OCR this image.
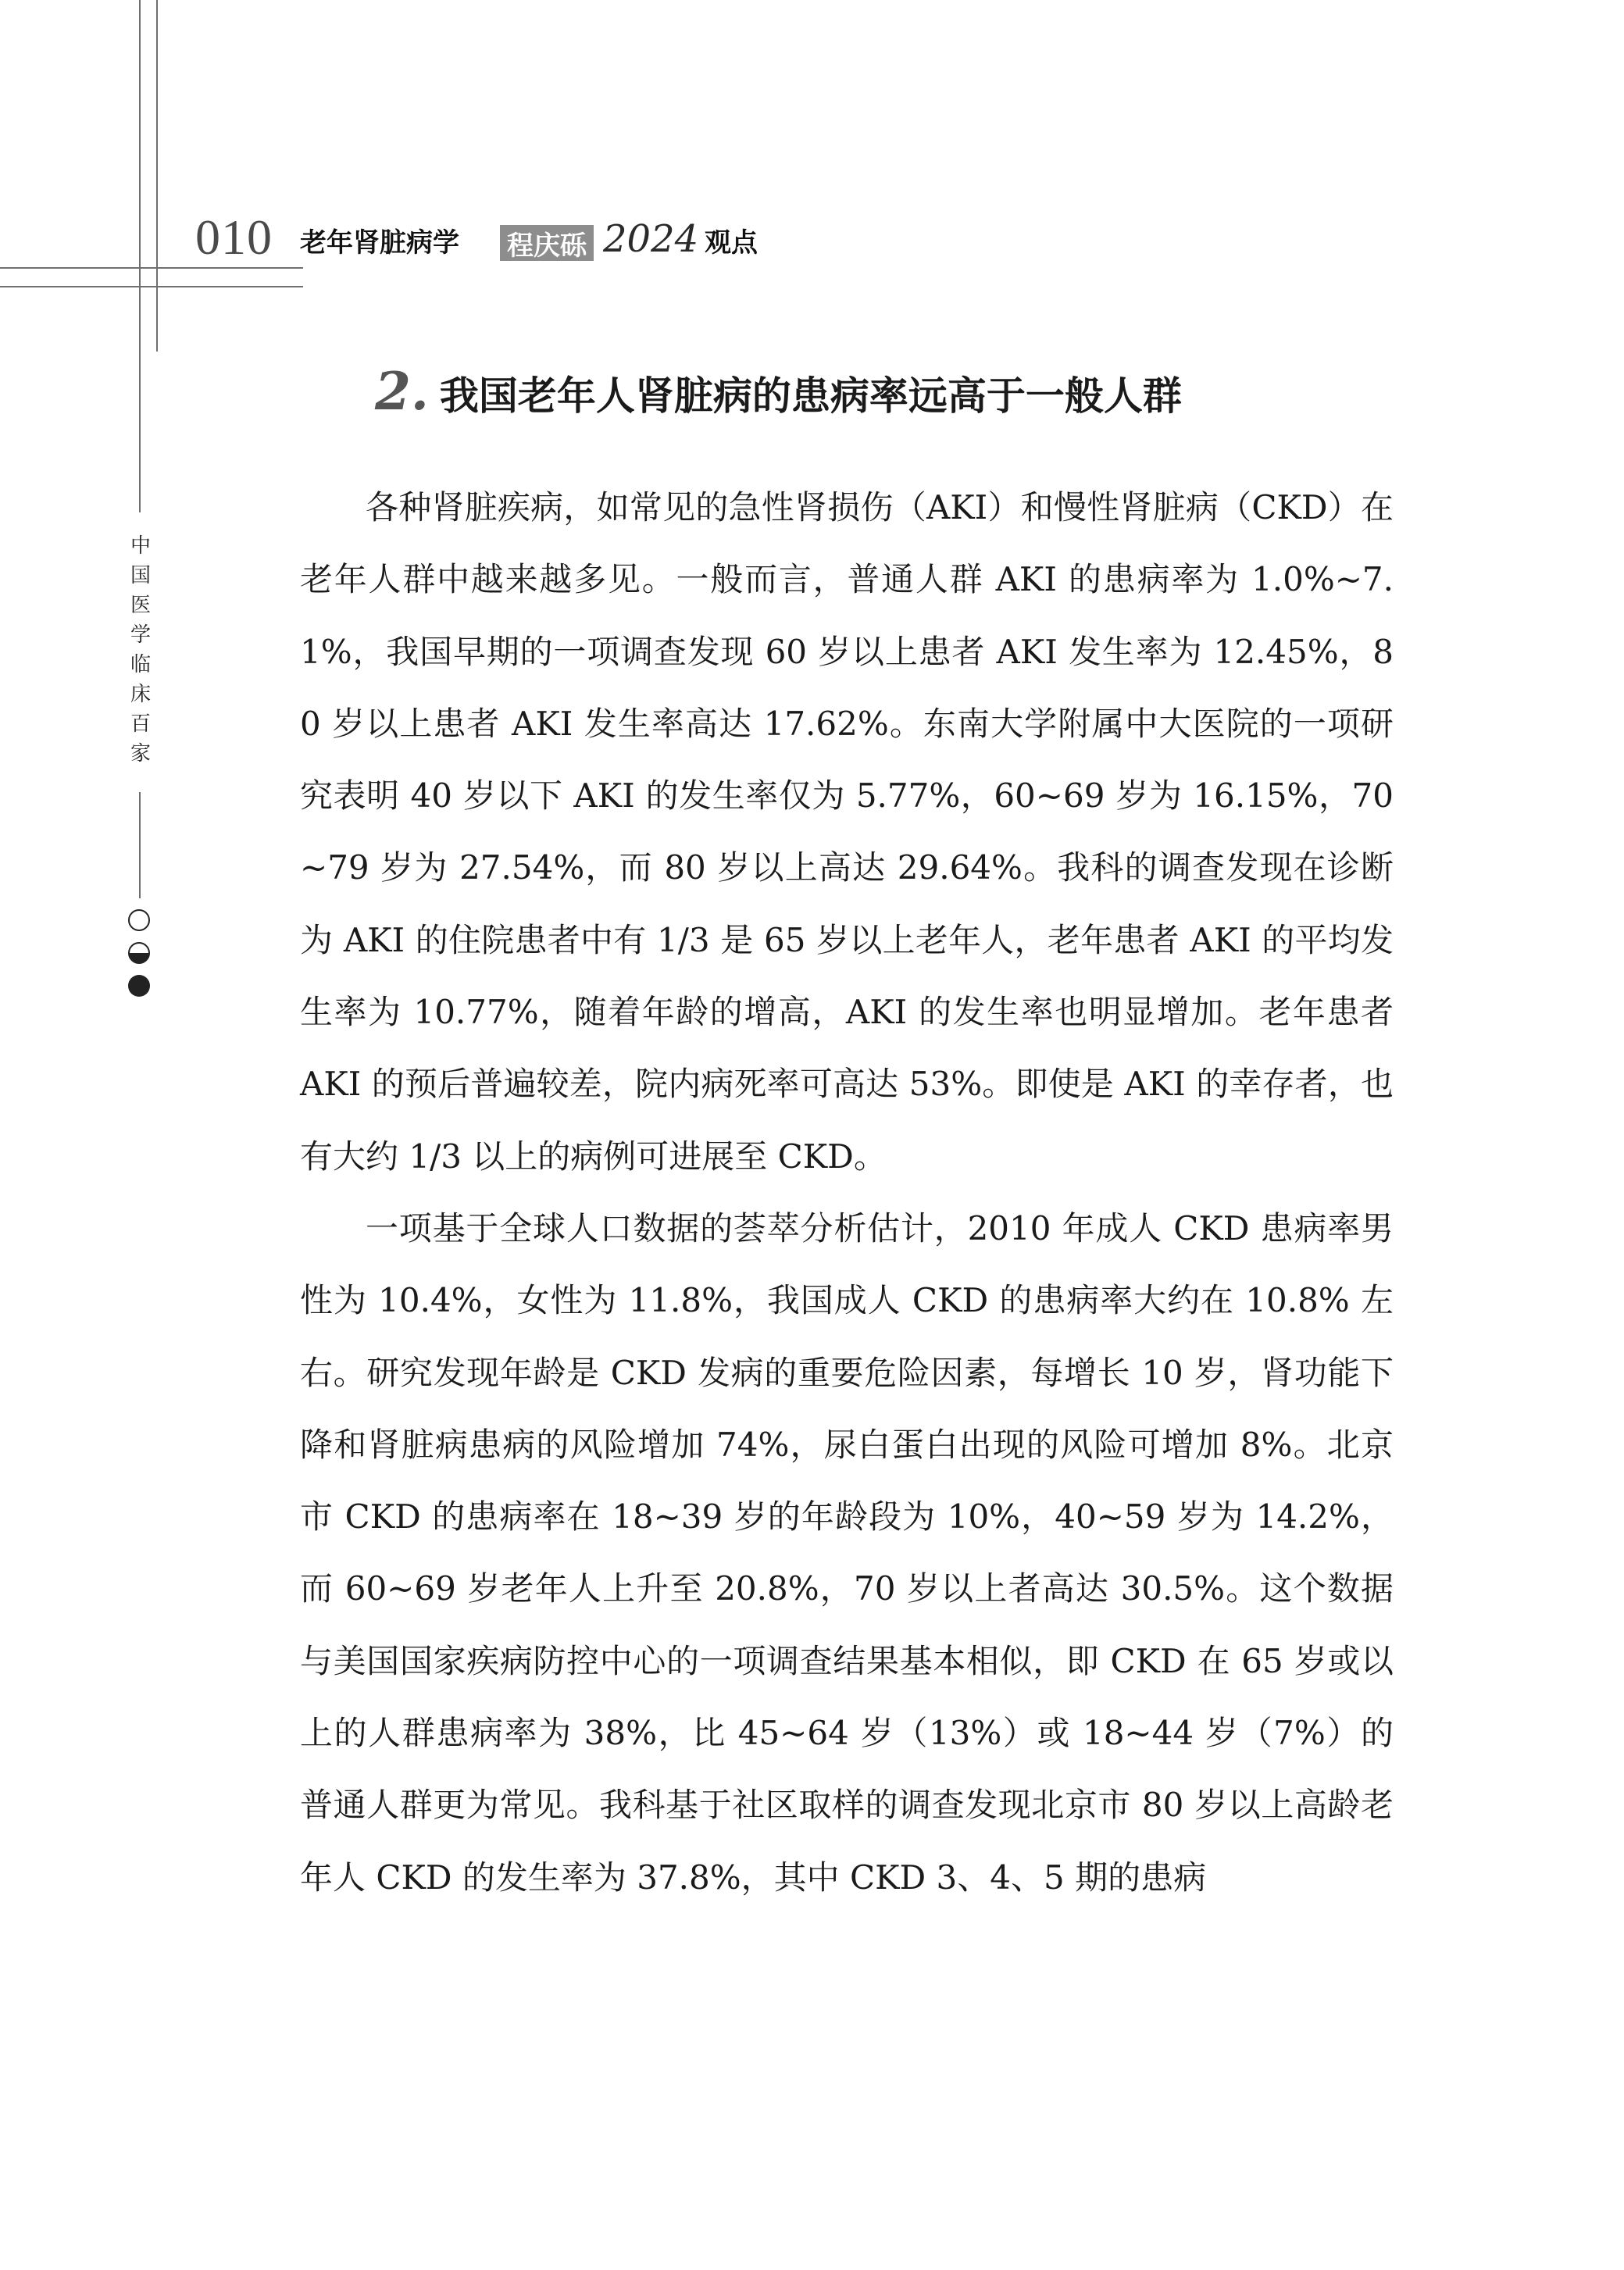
010 老年肾脏病学 程庆砾 2024 观点
中国医学临床百家
2. 我国老年人肾脏病的患病率远高于一般人群

各种肾脏疾病，如常见的急性肾损伤（AKI）和慢性肾脏病（CKD）在老年人群中越来越多见。一般而言，普通人群 AKI 的患病率为 1.0%~7.1%，我国早期的一项调查发现 60 岁以上患者 AKI 发生率为 12.45%，80 岁以上患者 AKI 发生率高达 17.62%。东南大学附属中大医院的一项研究表明 40 岁以下 AKI 的发生率仅为 5.77%，60~69 岁为 16.15%，70~79 岁为 27.54%，而 80 岁以上高达 29.64%。我科的调查发现在诊断为 AKI 的住院患者中有 1/3 是 65 岁以上老年人，老年患者 AKI 的平均发生率为 10.77%，随着年龄的增高，AKI 的发生率也明显增加。老年患者 AKI 的预后普遍较差，院内病死率可高达 53%。即使是 AKI 的幸存者，也有大约 1/3 以上的病例可进展至 CKD。

一项基于全球人口数据的荟萃分析估计，2010 年成人 CKD 患病率男性为 10.4%，女性为 11.8%，我国成人 CKD 的患病率大约在 10.8% 左右。研究发现年龄是 CKD 发病的重要危险因素，每增长 10 岁，肾功能下降和肾脏病患病的风险增加 74%，尿白蛋白出现的风险可增加 8%。北京市 CKD 的患病率在 18~39 岁的年龄段为 10%，40~59 岁为 14.2%，而 60~69 岁老年人上升至 20.8%，70 岁以上者高达 30.5%。这个数据与美国国家疾病防控中心的一项调查结果基本相似，即 CKD 在 65 岁或以上的人群患病率为 38%，比 45~64 岁（13%）或 18~44 岁（7%）的普通人群更为常见。我科基于社区取样的调查发现北京市 80 岁以上高龄老年人 CKD 的发生率为 37.8%，其中 CKD 3、4、5 期的患病
